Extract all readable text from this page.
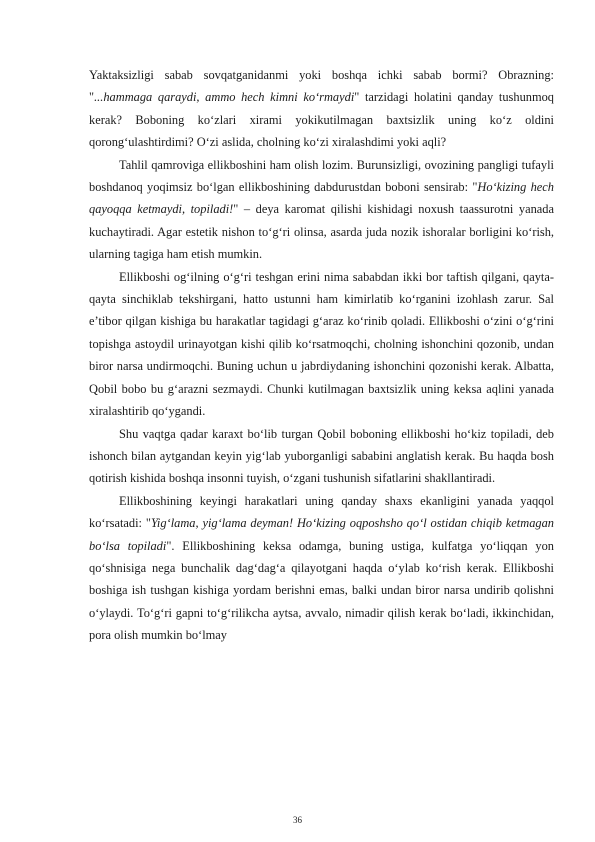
Yaktaksizligi sabab sovqatganidanmi yoki boshqa ichki sabab bormi? Obrazning: "...hammaga qaraydi, ammo hech kimni ko‘rmaydi" tarzidagi holatini qanday tushunmoq kerak? Boboning ko‘zlari xirami yokikutilmagan baxtsizlik uning ko‘z oldini qorong‘ulashtirdimi? O‘zi aslida, cholning ko‘zi xiralashdimi yoki aqli?

Tahlil qamroviga ellikboshini ham olish lozim. Burunsizligi, ovozining pangligi tufayli boshdanoq yoqimsiz bo‘lgan ellikboshining dabdurustdan boboni sensirab: "Ho‘kizing hech qayoqqa ketmaydi, topiladi!" – deya karomat qilishi kishidagi noxush taassurotni yanada kuchaytiradi. Agar estetik nishon to‘g‘ri olinsa, asarda juda nozik ishoralar borligini ko‘rish, ularning tagiga ham etish mumkin.

Ellikboshi og‘ilning o‘g‘ri teshgan erini nima sababdan ikki bor taftish qilgani, qayta-qayta sinchiklab tekshirgani, hatto ustunni ham kimirlatib ko‘rganini izohlash zarur. Sal e’tibor qilgan kishiga bu harakatlar tagidagi g‘araz ko‘rinib qoladi. Ellikboshi o‘zini o‘g‘rini topishga astoydil urinayotgan kishi qilib ko‘rsatmoqchi, cholning ishonchini qozonib, undan biror narsa undirmoqchi. Buning uchun u jabrdiydaning ishonchini qozonishi kerak. Albatta, Qobil bobo bu g‘arazni sezmaydi. Chunki kutilmagan baxtsizlik uning keksa aqlini yanada xiralashtirib qo‘ygandi.

Shu vaqtga qadar karaxt bo‘lib turgan Qobil boboning ellikboshi ho‘kiz topiladi, deb ishonch bilan aytgandan keyin yig‘lab yuborganligi sababini anglatish kerak. Bu haqda bosh qotirish kishida boshqa insonni tuyish, o‘zgani tushunish sifatlarini shakllantiradi.

Ellikboshining keyingi harakatlari uning qanday shaxs ekanligini yanada yaqqol ko‘rsatadi: "Yig‘lama, yig‘lama deyman! Ho‘kizing oqposhsho qo‘l ostidan chiqib ketmagan bo‘lsa topiladi". Ellikboshining keksa odamga, buning ustiga, kulfatga yo‘liqqan yon qo‘shnisiga nega bunchalik dag‘dag‘a qilayotgani haqda o‘ylab ko‘rish kerak. Ellikboshi boshiga ish tushgan kishiga yordam berishni emas, balki undan biror narsa undirib qolishni o‘ylaydi. To‘g‘ri gapni to‘g‘rilikcha aytsa, avvalo, nimadir qilish kerak bo‘ladi, ikkinchidan, pora olish mumkin bo‘lmay

36
